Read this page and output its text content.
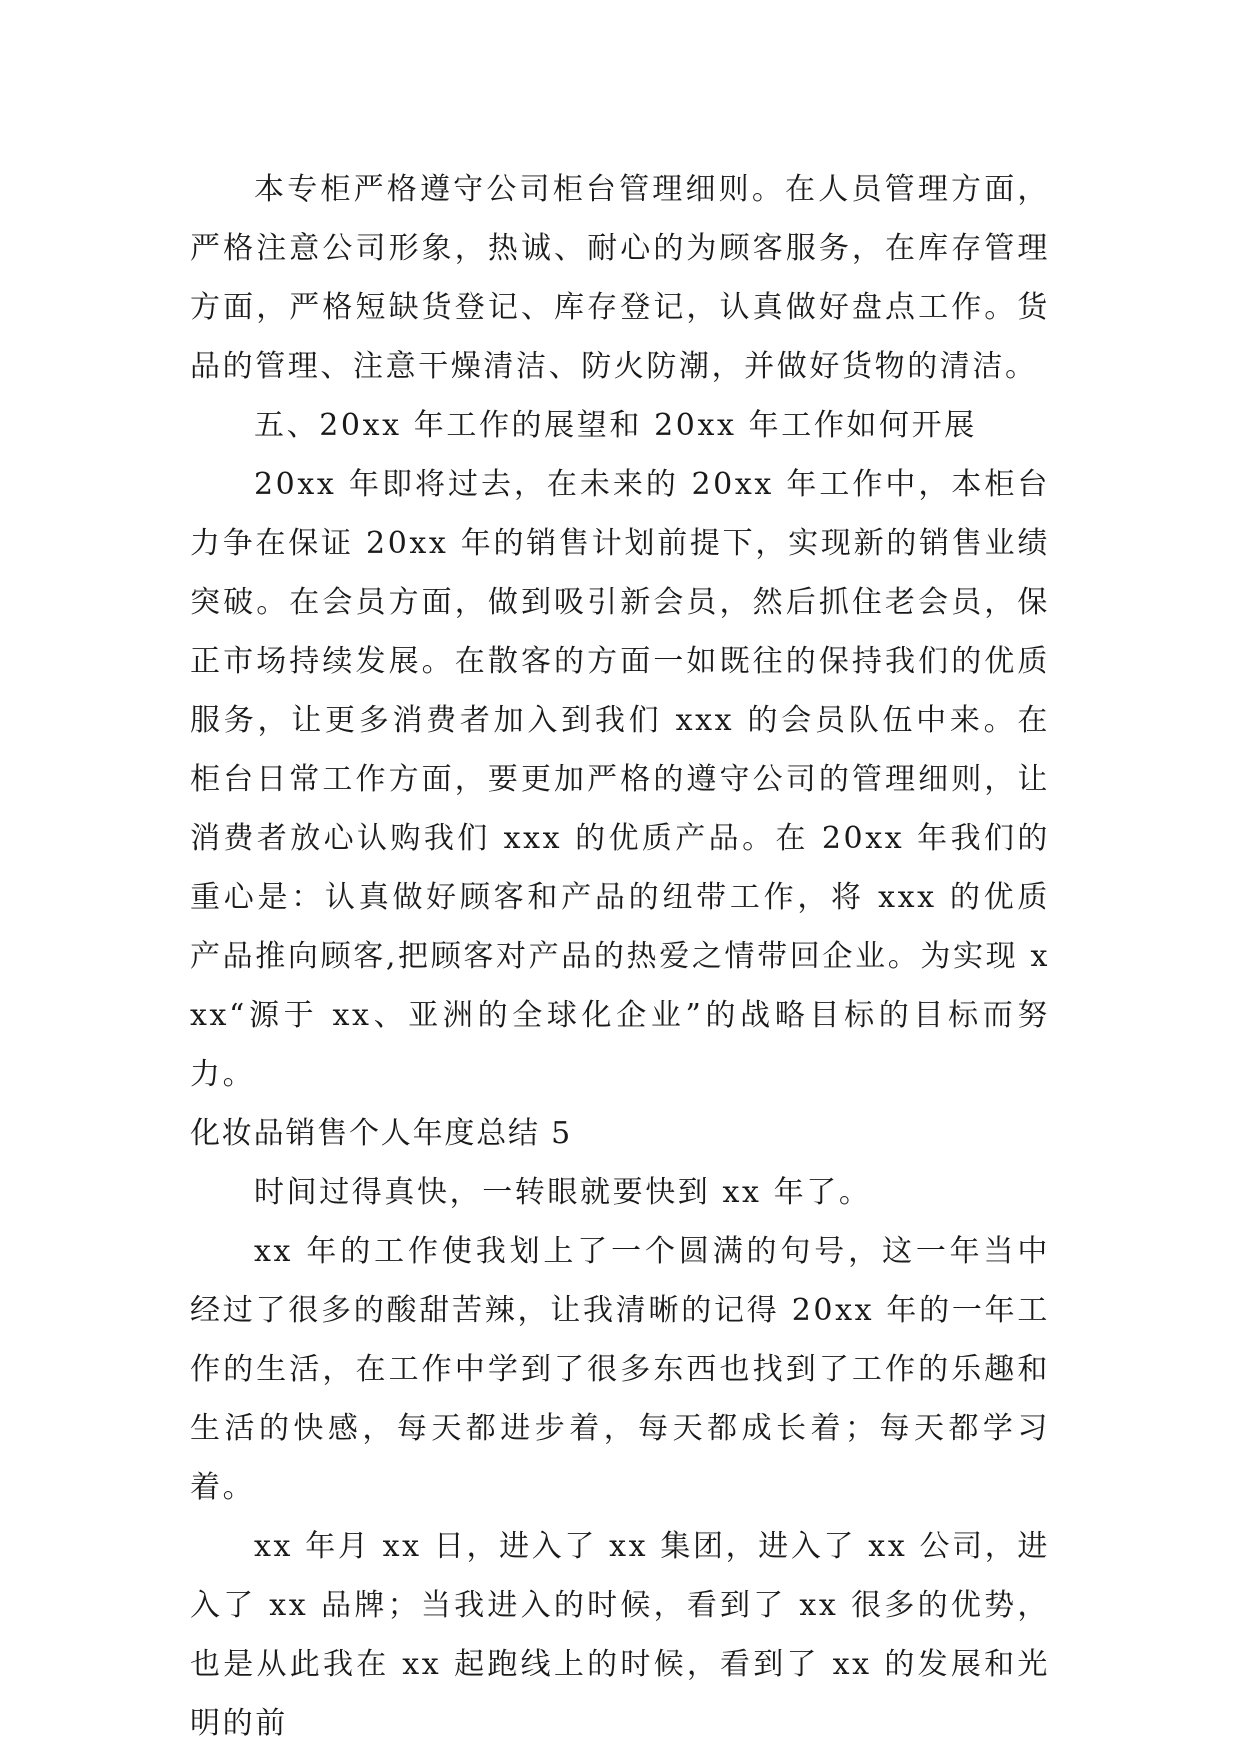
本专柜严格遵守公司柜台管理细则。在人员管理方面，严格注意公司形象，热诚、耐心的为顾客服务，在库存管理方面，严格短缺货登记、库存登记，认真做好盘点工作。货品的管理、注意干燥清洁、防火防潮，并做好货物的清洁。

五、20xx 年工作的展望和 20xx 年工作如何开展

20xx 年即将过去，在未来的 20xx 年工作中，本柜台力争在保证 20xx 年的销售计划前提下，实现新的销售业绩突破。在会员方面，做到吸引新会员，然后抓住老会员，保正市场持续发展。在散客的方面一如既往的保持我们的优质服务，让更多消费者加入到我们 xxx 的会员队伍中来。在柜台日常工作方面，要更加严格的遵守公司的管理细则，让消费者放心认购我们 xxx 的优质产品。在 20xx 年我们的重心是：认真做好顾客和产品的纽带工作，将 xxx 的优质产品推向顾客,把顾客对产品的热爱之情带回企业。为实现 xxx“源于 xx、亚洲的全球化企业”的战略目标的目标而努力。

化妆品销售个人年度总结 5

时间过得真快，一转眼就要快到 xx 年了。

xx 年的工作使我划上了一个圆满的句号，这一年当中经过了很多的酸甜苦辣，让我清晰的记得 20xx 年的一年工作的生活，在工作中学到了很多东西也找到了工作的乐趣和生活的快感，每天都进步着，每天都成长着；每天都学习着。

xx 年月 xx 日，进入了 xx 集团，进入了 xx 公司，进入了 xx 品牌；当我进入的时候，看到了 xx 很多的优势，也是从此我在 xx 起跑线上的时候，看到了 xx 的发展和光明的前
